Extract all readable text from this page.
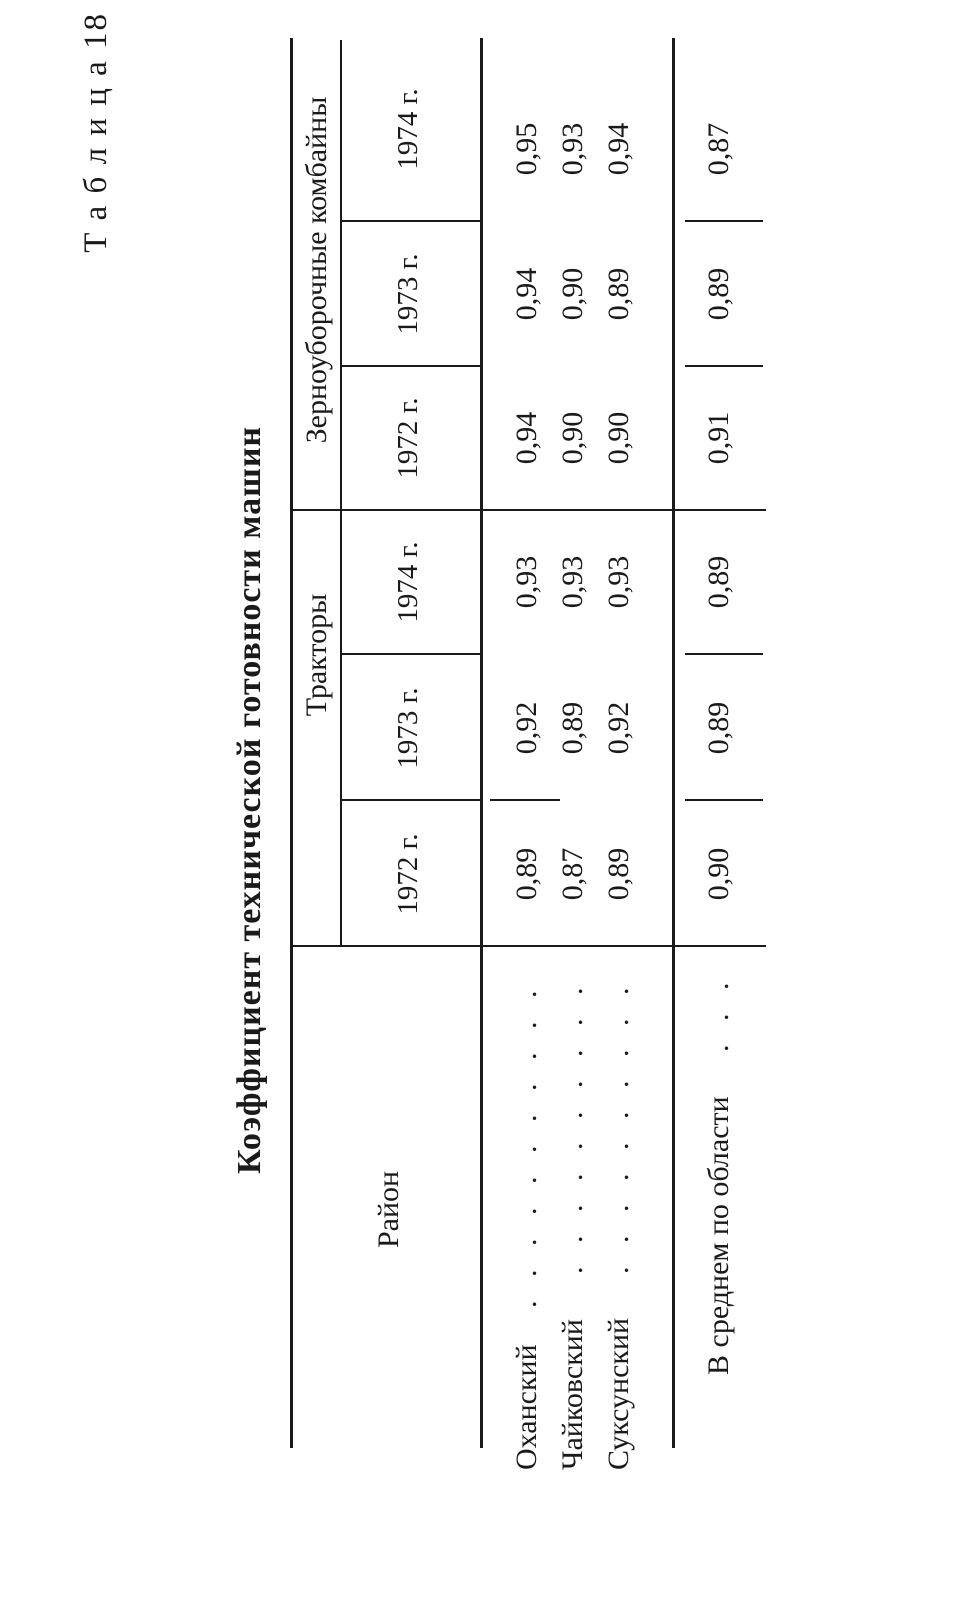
Т а б л и ц а 18
Коэффициент технической готовности машин
Район
Тракторы
Зерноуборочные комбайны
1972 г.
1973 г.
1974 г.
1972 г.
1973 г.
1974 г.
Оханский
. . . . . . . . . . .
0,89
0,92
0,93
0,94
0,94
0,95
Чайковский
. . . . . . . . . .
0,87
0,89
0,93
0,90
0,90
0,93
Суксунский
. . . . . . . . . .
0,89
0,92
0,93
0,90
0,89
0,94
В среднем по области
. . .
0,90
0,89
0,89
0,91
0,89
0,87
